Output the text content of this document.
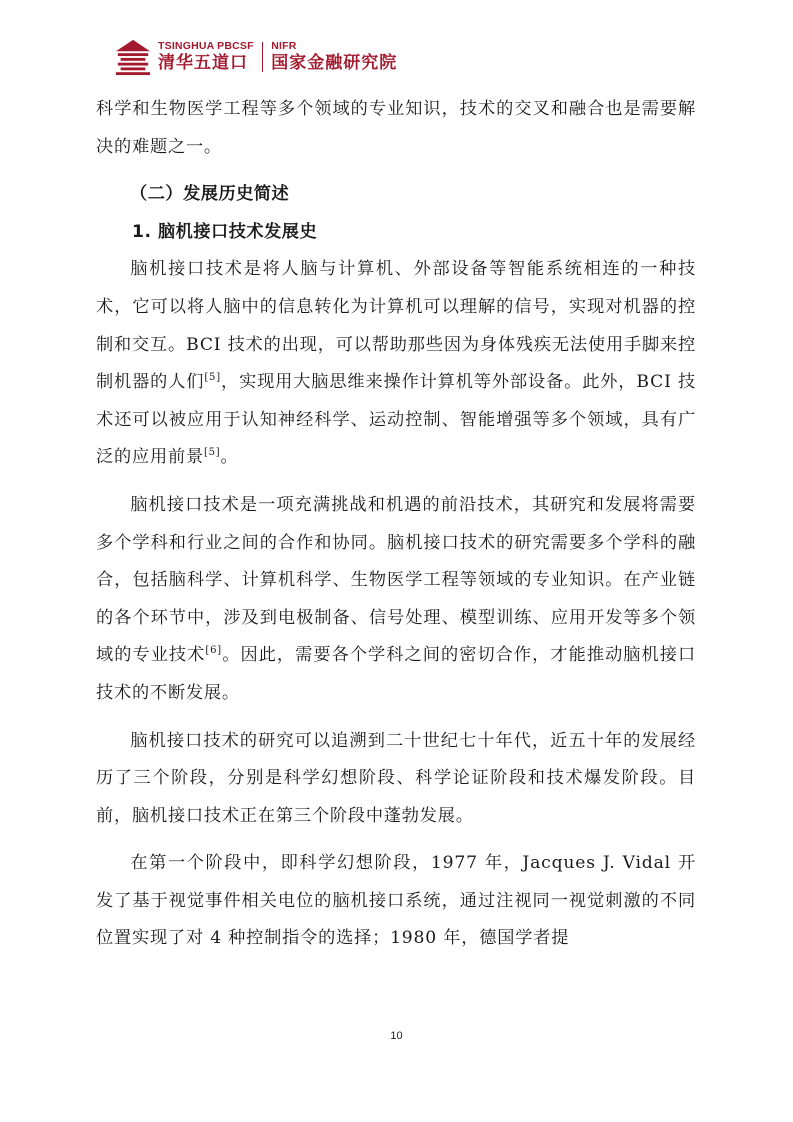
TSINGHUA PBCSF
清华五道口
NIFR
国家金融研究院

科学和生物医学工程等多个领域的专业知识，技术的交叉和融合也是需要解决的难题之一。

（二）发展历史简述
1. 脑机接口技术发展史

脑机接口技术是将人脑与计算机、外部设备等智能系统相连的一种技术，它可以将人脑中的信息转化为计算机可以理解的信号，实现对机器的控制和交互。BCI 技术的出现，可以帮助那些因为身体残疾无法使用手脚来控制机器的人们[5]，实现用大脑思维来操作计算机等外部设备。此外，BCI 技术还可以被应用于认知神经科学、运动控制、智能增强等多个领域，具有广泛的应用前景[5]。

脑机接口技术是一项充满挑战和机遇的前沿技术，其研究和发展将需要多个学科和行业之间的合作和协同。脑机接口技术的研究需要多个学科的融合，包括脑科学、计算机科学、生物医学工程等领域的专业知识。在产业链的各个环节中，涉及到电极制备、信号处理、模型训练、应用开发等多个领域的专业技术[6]。因此，需要各个学科之间的密切合作，才能推动脑机接口技术的不断发展。

脑机接口技术的研究可以追溯到二十世纪七十年代，近五十年的发展经历了三个阶段，分别是科学幻想阶段、科学论证阶段和技术爆发阶段。目前，脑机接口技术正在第三个阶段中蓬勃发展。

在第一个阶段中，即科学幻想阶段，1977 年，Jacques J. Vidal 开发了基于视觉事件相关电位的脑机接口系统，通过注视同一视觉刺激的不同位置实现了对 4 种控制指令的选择；1980 年，德国学者提

10
